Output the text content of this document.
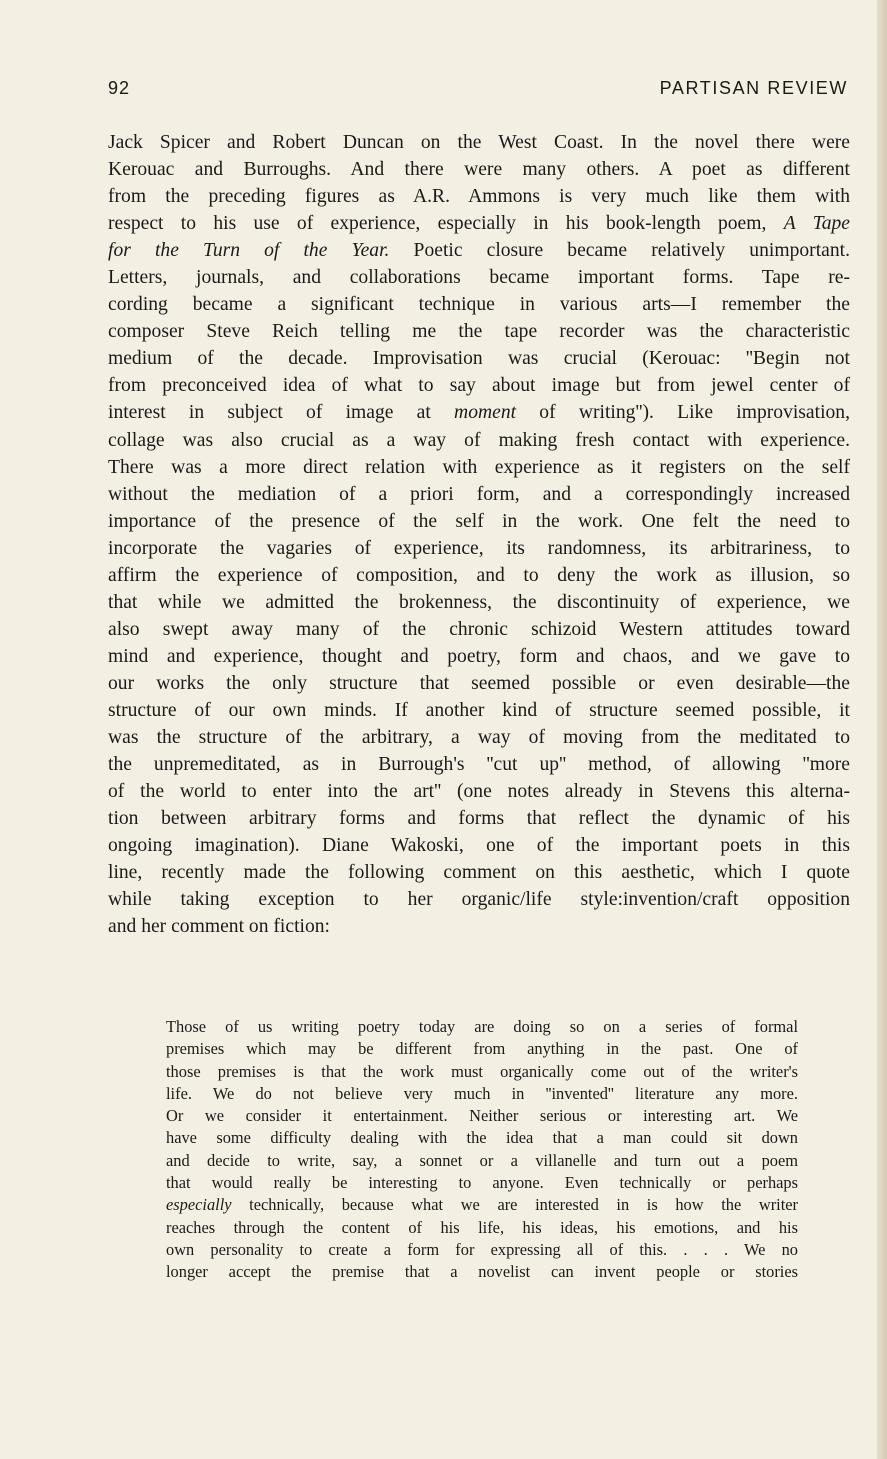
92	PARTISAN REVIEW
Jack Spicer and Robert Duncan on the West Coast. In the novel there were
Kerouac and Burroughs. And there were many others. A poet as different
from the preceding figures as A.R. Ammons is very much like them with
respect to his use of experience, especially in his book-length poem, A Tape
for the Turn of the Year. Poetic closure became relatively unimportant.
Letters, journals, and collaborations became important forms. Tape re-
cording became a significant technique in various arts—I remember the
composer Steve Reich telling me the tape recorder was the characteristic
medium of the decade. Improvisation was crucial (Kerouac: ''Begin not
from preconceived idea of what to say about image but from jewel center of
interest in subject of image at moment of writing''). Like improvisation,
collage was also crucial as a way of making fresh contact with experience.
There was a more direct relation with experience as it registers on the self
without the mediation of a priori form, and a correspondingly increased
importance of the presence of the self in the work. One felt the need to
incorporate the vagaries of experience, its randomness, its arbitrariness, to
affirm the experience of composition, and to deny the work as illusion, so
that while we admitted the brokenness, the discontinuity of experience, we
also swept away many of the chronic schizoid Western attitudes toward
mind and experience, thought and poetry, form and chaos, and we gave to
our works the only structure that seemed possible or even desirable—the
structure of our own minds. If another kind of structure seemed possible, it
was the structure of the arbitrary, a way of moving from the meditated to
the unpremeditated, as in Burrough's ''cut up'' method, of allowing ''more
of the world to enter into the art'' (one notes already in Stevens this alterna-
tion between arbitrary forms and forms that reflect the dynamic of his
ongoing imagination). Diane Wakoski, one of the important poets in this
line, recently made the following comment on this aesthetic, which I quote
while taking exception to her organic/life style:invention/craft opposition
and her comment on fiction:
Those of us writing poetry today are doing so on a series of formal
premises which may be different from anything in the past. One of
those premises is that the work must organically come out of the writer's
life. We do not believe very much in ''invented'' literature any more.
Or we consider it entertainment. Neither serious or interesting art. We
have some difficulty dealing with the idea that a man could sit down
and decide to write, say, a sonnet or a villanelle and turn out a poem
that would really be interesting to anyone. Even technically or perhaps
especially technically, because what we are interested in is how the writer
reaches through the content of his life, his ideas, his emotions, and his
own personality to create a form for expressing all of this. . . . We no
longer accept the premise that a novelist can invent people or stories
